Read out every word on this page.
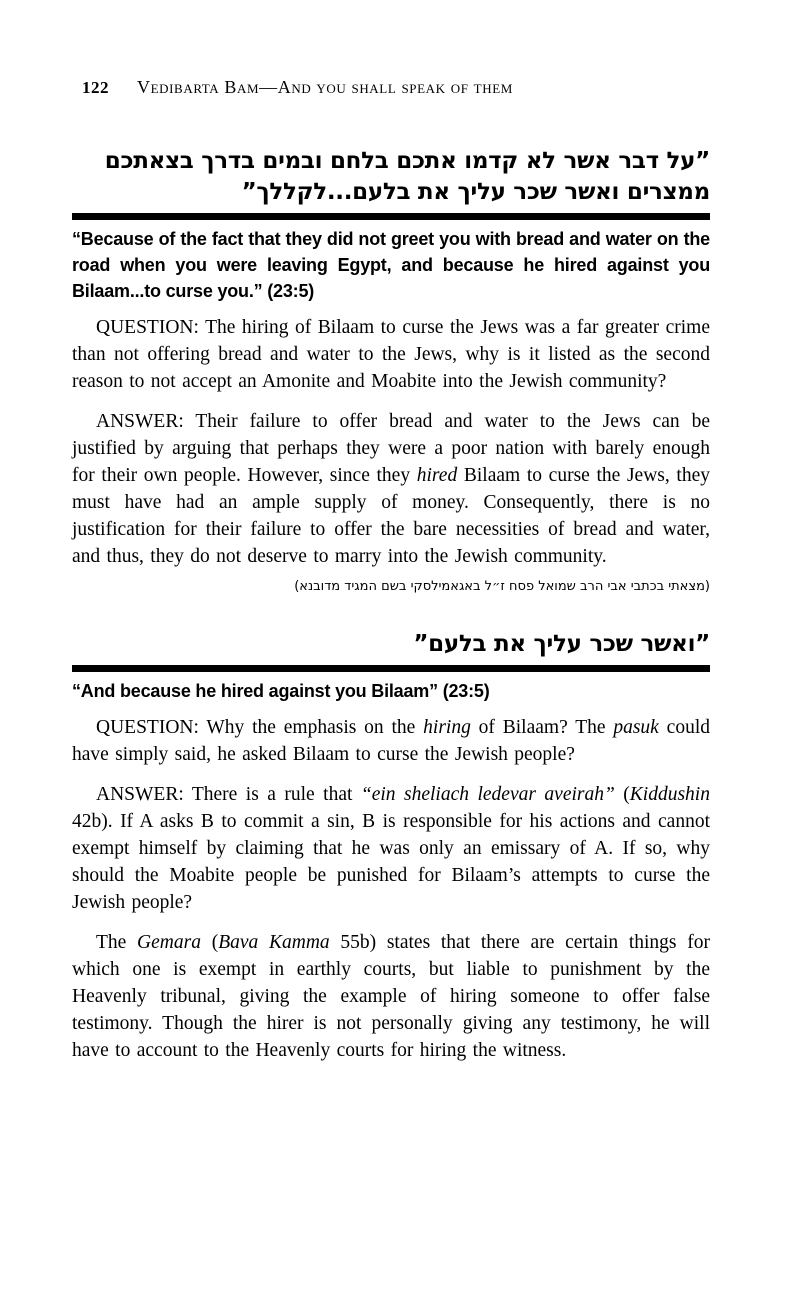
122 Vedibarta Bam—And you shall speak of them
”על דבר אשר לא קדמו אתכם בלחם ובמים בדרך בצאתכם
ממצרים ואשר שכר עליך את בלעם...לקללך”

“Because of the fact that they did not greet you with bread and water on the road when you were leaving Egypt, and because he hired against you Bilaam...to curse you.” (23:5)

QUESTION: The hiring of Bilaam to curse the Jews was a far greater crime than not offering bread and water to the Jews, why is it listed as the second reason to not accept an Amonite and Moabite into the Jewish community?

ANSWER: Their failure to offer bread and water to the Jews can be justified by arguing that perhaps they were a poor nation with barely enough for their own people. However, since they hired Bilaam to curse the Jews, they must have had an ample supply of money. Consequently, there is no justification for their failure to offer the bare necessities of bread and water, and thus, they do not deserve to marry into the Jewish community.

(מצאתי בכתבי אבי הרב שמואל פסח ז״ל באגאמילסקי בשם המגיד מדובנא)

”ואשר שכר עליך את בלעם”

“And because he hired against you Bilaam” (23:5)

QUESTION: Why the emphasis on the hiring of Bilaam? The pasuk could have simply said, he asked Bilaam to curse the Jewish people?

ANSWER: There is a rule that “ein sheliach ledevar aveirah” (Kiddushin 42b). If A asks B to commit a sin, B is responsible for his actions and cannot exempt himself by claiming that he was only an emissary of A. If so, why should the Moabite people be punished for Bilaam’s attempts to curse the Jewish people?

The Gemara (Bava Kamma 55b) states that there are certain things for which one is exempt in earthly courts, but liable to punishment by the Heavenly tribunal, giving the example of hiring someone to offer false testimony. Though the hirer is not personally giving any testimony, he will have to account to the Heavenly courts for hiring the witness.
